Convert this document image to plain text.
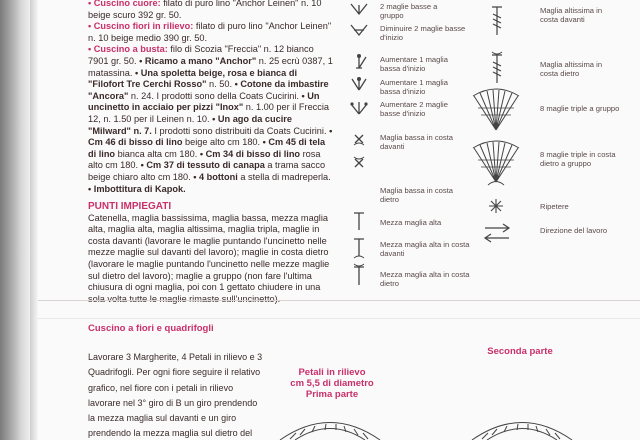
• Cuscino cuore: filato di puro lino "Anchor Leinen" n. 10 beige scuro 392 gr. 50.

• Cuscino fiori in rilievo: filato di puro lino "Anchor Leinen" n. 10 beige medio 390 gr. 50.

• Cuscino a busta: filo di Scozia "Freccia" n. 12 bianco 7901 gr. 50. • Ricamo a mano "Anchor" n. 25 ecrù 0387, 1 matassina. • Una spoletta beige, rosa e bianca di "Filofort Tre Cerchi Rosso" n. 50. • Cotone da imbastire "Ancora" n. 24. I prodotti sono della Coats Cucirini. • Un uncinetto in acciaio per pizzi "Inox" n. 1.00 per il Freccia 12, n. 1.50 per il Leinen n. 10. • Un ago da cucire "Milward" n. 7. I prodotti sono distribuiti da Coats Cucirini. • Cm 46 di bisso di lino beige alto cm 180. • Cm 45 di tela di lino bianca alta cm 180. • Cm 34 di bisso di lino rosa alto cm 180. • Cm 37 di tessuto di canapa a trama sacco beige chiaro alto cm 180. • 4 bottoni a stella di madreperla. • Imbottitura di Kapok.

PUNTI IMPIEGATI

Catenella, maglia bassissima, maglia bassa, mezza maglia alta, maglia alta, maglia altissima, maglia tripla, maglie in costa davanti (lavorare le maglie puntando l'uncinetto nelle mezze maglie sul davanti del lavoro); maglie in costa dietro (lavorare le maglie puntando l'uncinetto nelle mezze maglie sul dietro del lavoro); maglie a gruppo (non fare l'ultima chiusura di ogni maglia, poi con 1 gettato chiudere in una sola volta tutte le maglie rimaste sull'uncinetto).

2 maglie basse a gruppo
Diminuire 2 maglie basse d'inizio
Aumentare 1 maglia bassa d'inizio
Aumentare 1 maglia bassa d'inizio
Aumentare 2 maglie basse d'inizio
Maglia bassa in costa davanti
Maglia bassa in costa dietro
Mezza maglia alta
Mezza maglia alta in costa davanti
Mezza maglia alta in costa dietro
Maglia altissima in costa davanti
Maglia altissima in costa dietro
8 maglie triple a gruppo
8 maglie triple in costa dietro a gruppo
Ripetere
Direzione del lavoro
Cuscino a fiori e quadrifogli
Lavorare 3 Margherite, 4 Petali in rilievo e 3 Quadrifogli. Per ogni fiore seguire il relativo grafico, nel fiore con i petali in rilievo lavorare nel 3° giro di B un giro prendendo la mezza maglia sul davanti e un giro prendendo la mezza maglia sul dietro del
Petali in rilievo
cm 5,5 di diametro
Prima parte
Seconda parte
